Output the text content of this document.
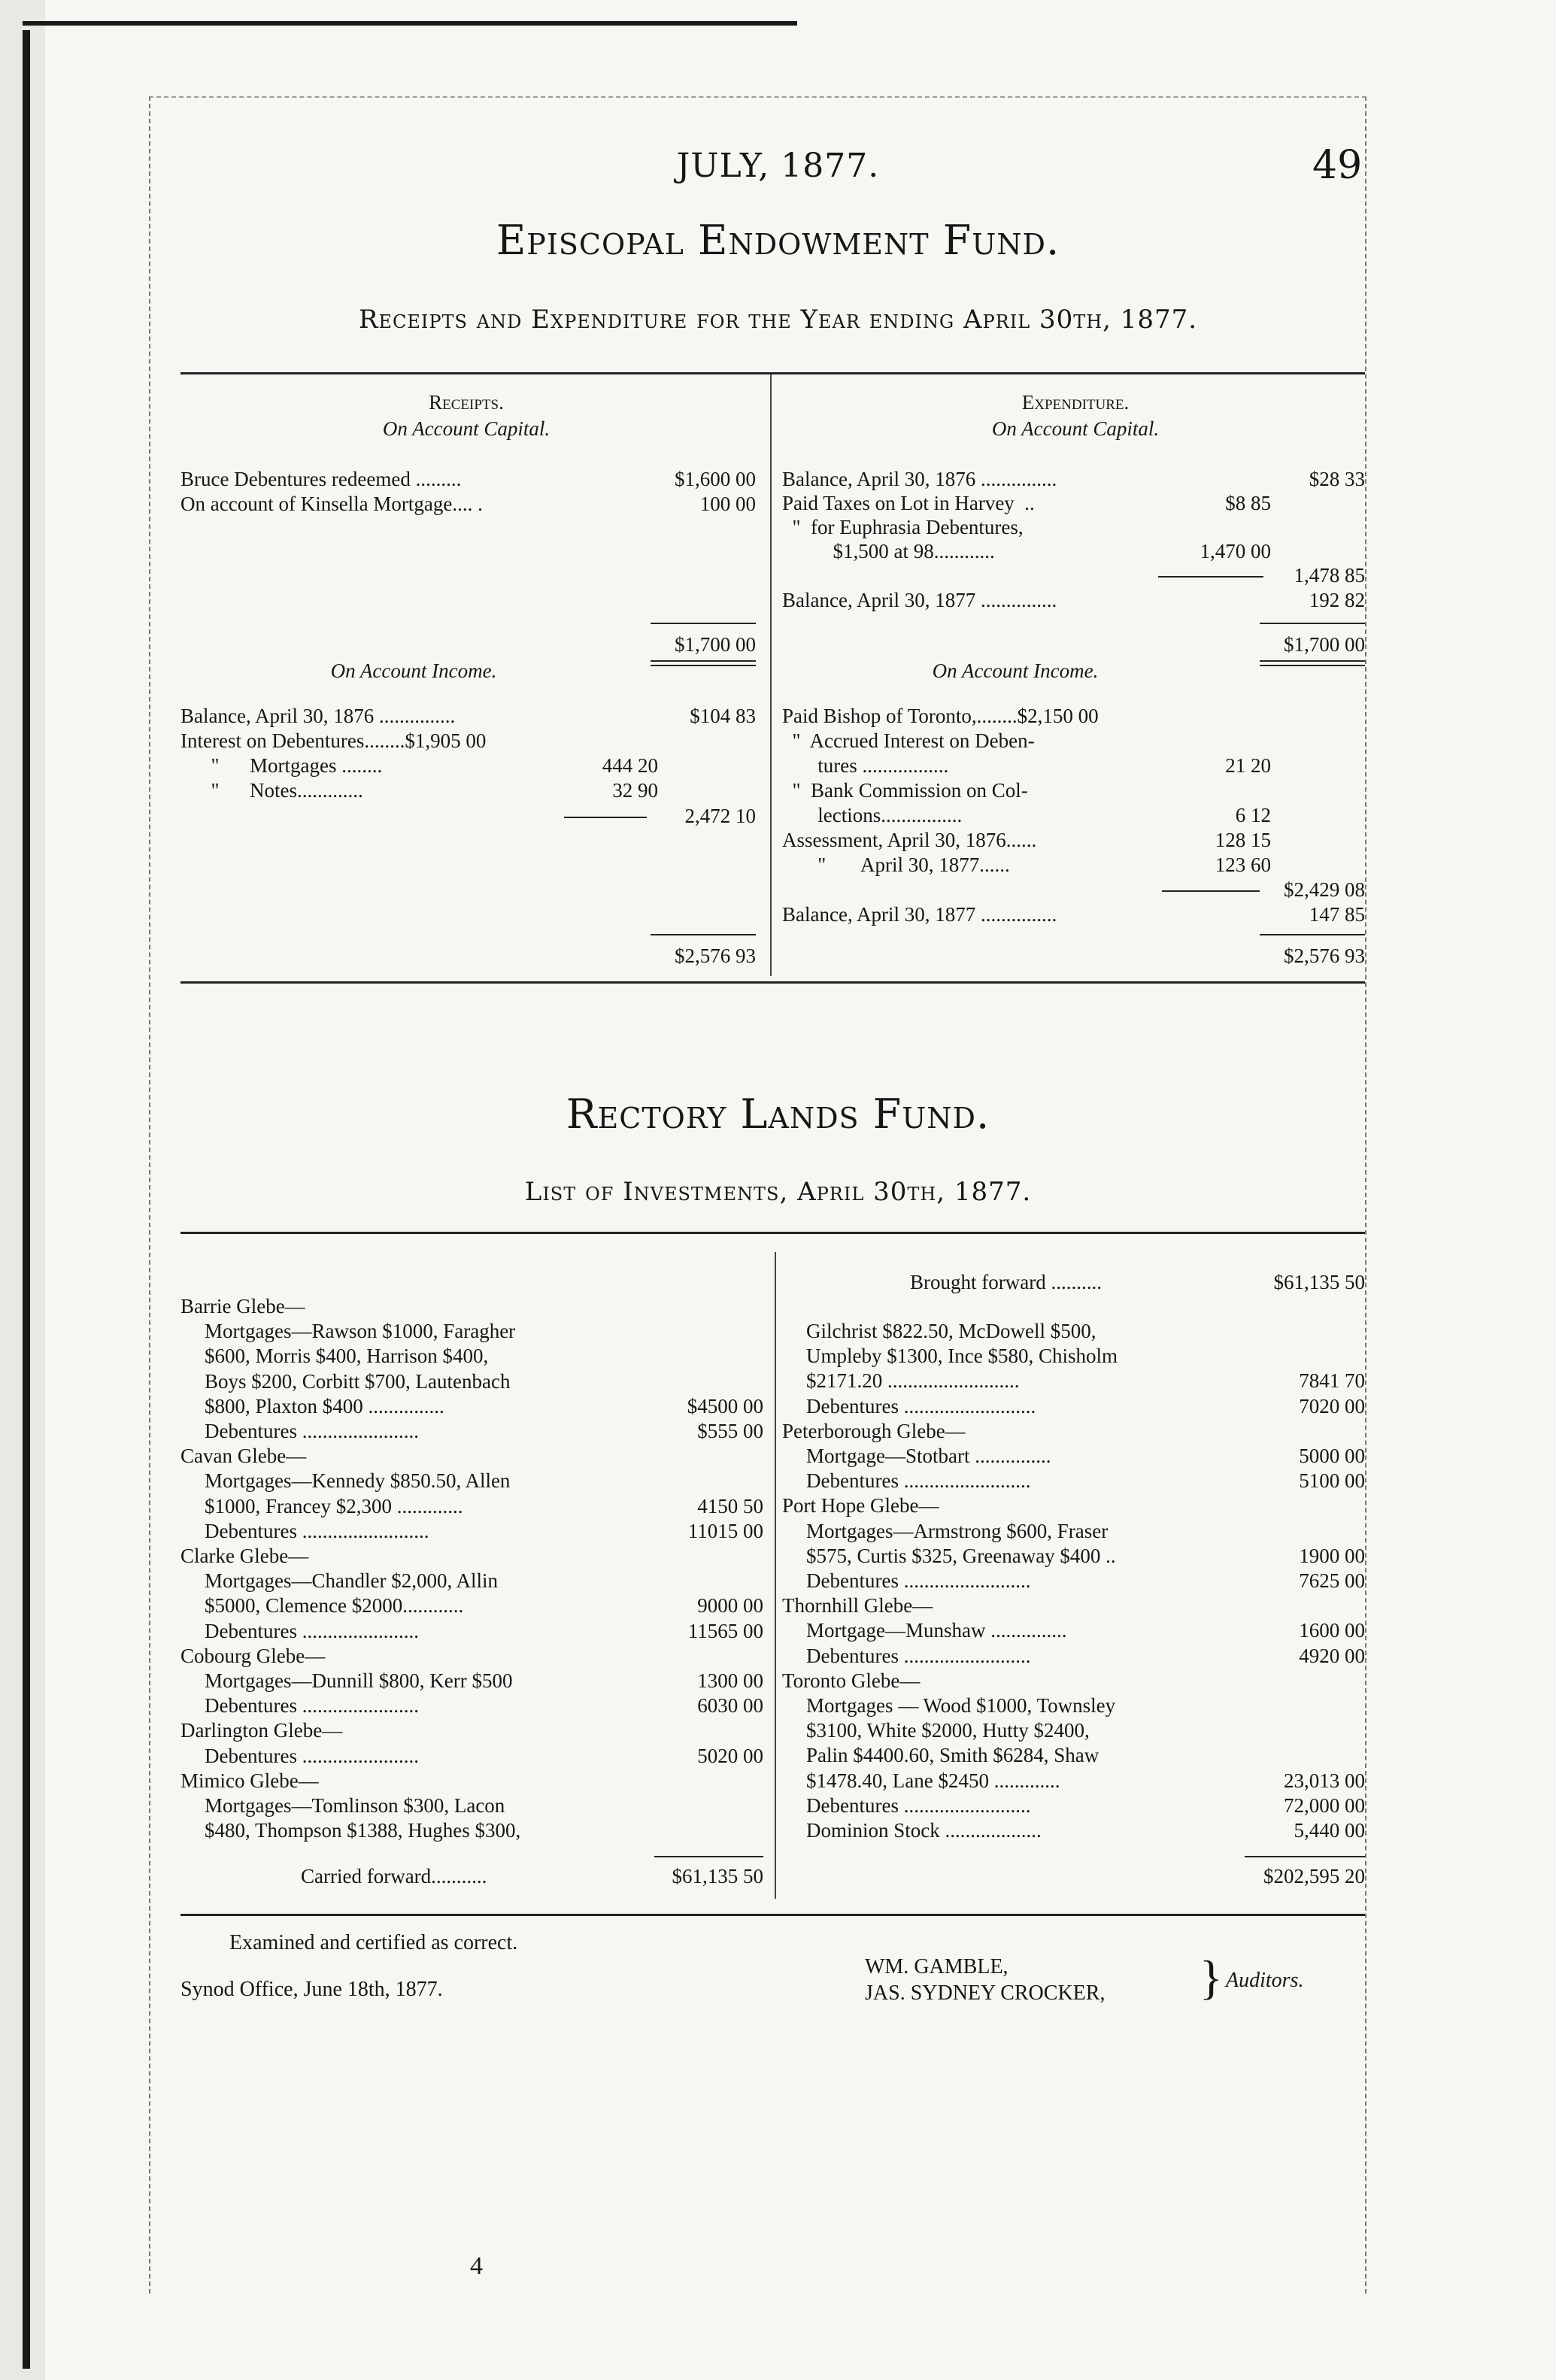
JULY, 1877.	49
Episcopal Endowment Fund.
Receipts and Expenditure for the Year ending April 30th, 1877.
Receipts.
On Account Capital.
Bruce Debentures redeemed .........	$1,600 00
On account of Kinsella Mortgage.... .	100 00
$1,700 00
On Account Income.
Balance, April 30, 1876 ...............	$104 83
Interest on Debentures........$1,905 00
"      Mortgages ........	444 20
"      Notes.............	32 90
2,472 10
$2,576 93
Expenditure.
On Account Capital.
Balance, April 30, 1876 ...............	$28 33
Paid Taxes on Lot in Harvey  ..	$8 85
"  for Euphrasia Debentures,
$1,500 at 98............	1,470 00
1,478 85
Balance, April 30, 1877 ...............	192 82
$1,700 00
On Account Income.
Paid Bishop of Toronto,........$2,150 00
"  Accrued Interest on Deben-
tures .................	21 20
"  Bank Commission on Col-
lections................	6 12
Assessment, April 30, 1876......	128 15
"       April 30, 1877......	123 60
$2,429 08
Balance, April 30, 1877 ...............	147 85
$2,576 93
Rectory Lands Fund.
List of Investments, April 30th, 1877.
Barrie Glebe—
Mortgages—Rawson $1000, Faragher
$600, Morris $400, Harrison $400,
Boys $200, Corbitt $700, Lautenbach
$800, Plaxton $400 ...............	$4500 00
Debentures .......................	$555 00
Cavan Glebe—
Mortgages—Kennedy $850.50, Allen
$1000, Francey $2,300 .............	4150 50
Debentures .........................	11015 00
Clarke Glebe—
Mortgages—Chandler $2,000, Allin
$5000, Clemence $2000............	9000 00
Debentures .......................	11565 00
Cobourg Glebe—
Mortgages—Dunnill $800, Kerr $500	1300 00
Debentures .......................	6030 00
Darlington Glebe—
Debentures .......................	5020 00
Mimico Glebe—
Mortgages—Tomlinson $300, Lacon
$480, Thompson $1388, Hughes $300,
Carried forward...........	$61,135 50
Brought forward ..........	$61,135 50
Gilchrist $822.50, McDowell $500,
Umpleby $1300, Ince $580, Chisholm
$2171.20 ..........................	7841 70
Debentures ..........................	7020 00
Peterborough Glebe—
Mortgage—Stotbart ...............	5000 00
Debentures .........................	5100 00
Port Hope Glebe—
Mortgages—Armstrong $600, Fraser
$575, Curtis $325, Greenaway $400 ..	1900 00
Debentures .........................	7625 00
Thornhill Glebe—
Mortgage—Munshaw ...............	1600 00
Debentures .........................	4920 00
Toronto Glebe—
Mortgages — Wood $1000, Townsley
$3100, White $2000, Hutty $2400,
Palin $4400.60, Smith $6284, Shaw
$1478.40, Lane $2450 .............	23,013 00
Debentures .........................	72,000 00
Dominion Stock ...................	5,440 00
$202,595 20
Examined and certified as correct.
Synod Office, June 18th, 1877.
WM. GAMBLE,
JAS. SYDNEY CROCKER, } Auditors.
4
